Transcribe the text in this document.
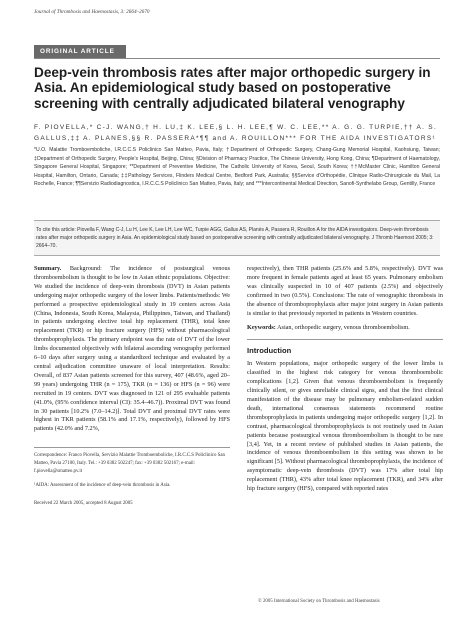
Journal of Thrombosis and Haemostasis, 3: 2664–2670
ORIGINAL ARTICLE
Deep-vein thrombosis rates after major orthopedic surgery in Asia. An epidemiological study based on postoperative screening with centrally adjudicated bilateral venography
F. PIOVELLA,* C-J. WANG,† H. LU,‡ K. LEE,§ L. H. LEE,¶ W. C. LEE,** A. G. G. TURPIE,†† A. S. GALLUS,‡‡ A. PLANES,§§ R. PASSERA*¶¶ and A. ROUILLON*** FOR THE AIDA INVESTIGATORS¹
*U.O. Malattie Tromboemboliche, I.R.C.C.S Policlinico San Matteo, Pavia, Italy; †Department of Orthopedic Surgery, Chang-Gung Memorial Hospital, Kaohsiung, Taiwan; ‡Department of Orthopedic Surgery, People's Hospital, Beijing, China; §Division of Pharmacy Practice, The Chinese University, Hong Kong, China; ¶Department of Haematology, Singapore General Hospital, Singapore; **Department of Preventive Medicine, The Catholic University of Korea, Seoul, South Korea; ††McMaster Clinic, Hamilton General Hospital, Hamilton, Ontario, Canada; ‡‡Pathology Services, Flinders Medical Centre, Bedford Park, Australia; §§Service d'Orthopédie, Clinique Radio-Chirurgicale du Mail, La Rochelle, France; ¶¶Servizio Radiodiagnostica, I.R.C.C.S Policlinico San Matteo, Pavia, Italy; and ***Intercontinental Medical Direction, Sanofi-Synthelabo Group, Gentilly, France
To cite this article: Piovella F, Wang C-J, Lu H, Lee K, Lee LH, Lee WC, Turpie AGG, Gallus AS, Planès A, Passera R, Rouillon A for the AIDA investigators. Deep-vein thrombosis rates after major orthopedic surgery in Asia. An epidemiological study based on postoperative screening with centrally adjudicated bilateral venography. J Thromb Haemost 2005; 3: 2664–70.

Summary. Background: The incidence of postsurgical venous thromboembolism is thought to be low in Asian ethnic populations. Objective: We studied the incidence of deep-vein thrombosis (DVT) in Asian patients undergoing major orthopedic surgery of the lower limbs. Patients/methods: We performed a prospective epidemiological study in 19 centers across Asia (China, Indonesia, South Korea, Malaysia, Philippines, Taiwan, and Thailand) in patients undergoing elective total hip replacement (THR), total knee replacement (TKR) or hip fracture surgery (HFS) without pharmacological thromboprophylaxis. The primary endpoint was the rate of DVT of the lower limbs documented objectively with bilateral ascending venography performed 6–10 days after surgery using a standardized technique and evaluated by a central adjudication committee unaware of local interpretation. Results: Overall, of 837 Asian patients screened for this survey, 407 (48.6%, aged 20–99 years) undergoing THR (n = 175), TKR (n = 136) or HFS (n = 96) were recruited in 19 centers. DVT was diagnosed in 121 of 295 evaluable patients (41.0%, (95% confidence interval (CI): 35.4–46.7)). Proximal DVT was found in 30 patients [10.2% (7.0–14.2)]. Total DVT and proximal DVT rates were highest in TKR patients (58.1% and 17.1%, respectively), followed by HFS patients (42.0% and 7.2%,

Correspondence: Franco Piovella, Servizio Malattie Tromboemboliche, I.R.C.C.S Policlinico San Matteo, Pavia 27100, Italy. Tel.: +39 0382 502247; fax: +39 0382 502167; e-mail: f.piovella@smatteo.pv.it

¹AIDA: Assessment of the incidence of deep-vein thrombosis in Asia.

Received 22 March 2005, accepted 8 August 2005

respectively), then THR patients (25.6% and 5.8%, respectively). DVT was more frequent in female patients aged at least 65 years. Pulmonary embolism was clinically suspected in 10 of 407 patients (2.5%) and objectively confirmed in two (0.5%). Conclusions: The rate of venographic thrombosis in the absence of thromboprophylaxis after major joint surgery in Asian patients is similar to that previously reported in patients in Western countries.

Keywords: Asian, orthopedic surgery, venous thromboembolism.

Introduction

In Western populations, major orthopedic surgery of the lower limbs is classified in the highest risk category for venous thromboembolic complications [1,2]. Given that venous thromboembolism is frequently clinically silent, or gives unreliable clinical signs, and that the first clinical manifestation of the disease may be pulmonary embolism-related sudden death, international consensus statements recommend routine thromboprophylaxis in patients undergoing major orthopedic surgery [1,2]. In contrast, pharmacological thromboprophylaxis is not routinely used in Asian patients because postsurgical venous thromboembolism is thought to be rare [3,4]. Yet, in a recent review of published studies in Asian patients, the incidence of venous thromboembolism in this setting was shown to be significant [5]. Without pharmacological thromboprophylaxis, the incidence of asymptomatic deep-vein thrombosis (DVT) was 17% after total hip replacement (THR), 43% after total knee replacement (TKR), and 34% after hip fracture surgery (HFS), compared with reported rates

© 2005 International Society on Thrombosis and Haemostasis
